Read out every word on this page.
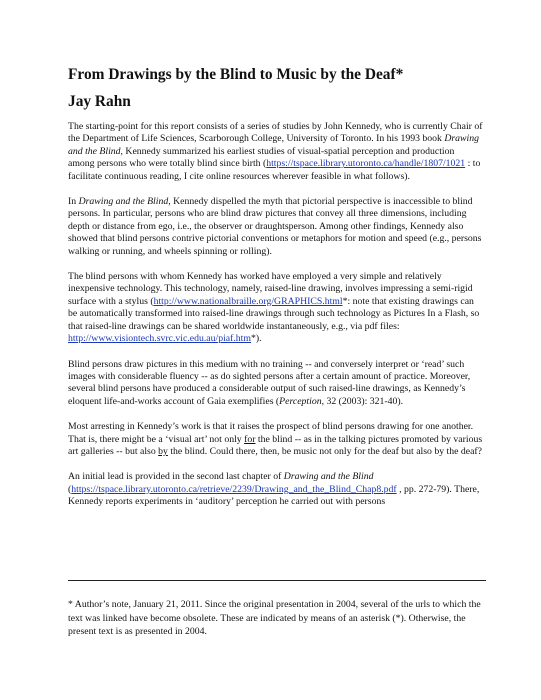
From Drawings by the Blind to Music by the Deaf*
Jay Rahn

The starting-point for this report consists of a series of studies by John Kennedy, who is currently Chair of the Department of Life Sciences, Scarborough College, University of Toronto. In his 1993 book Drawing and the Blind, Kennedy summarized his earliest studies of visual-spatial perception and production among persons who were totally blind since birth (https://tspace.library.utoronto.ca/handle/1807/1021 : to facilitate continuous reading, I cite online resources wherever feasible in what follows).

In Drawing and the Blind, Kennedy dispelled the myth that pictorial perspective is inaccessible to blind persons. In particular, persons who are blind draw pictures that convey all three dimensions, including depth or distance from ego, i.e., the observer or draughtsperson. Among other findings, Kennedy also showed that blind persons contrive pictorial conventions or metaphors for motion and speed (e.g., persons walking or running, and wheels spinning or rolling).

The blind persons with whom Kennedy has worked have employed a very simple and relatively inexpensive technology. This technology, namely, raised-line drawing, involves impressing a semi-rigid surface with a stylus (http://www.nationalbraille.org/GRAPHICS.html*: note that existing drawings can be automatically transformed into raised-line drawings through such technology as Pictures In a Flash, so that raised-line drawings can be shared worldwide instantaneously, e.g., via pdf files: http://www.visiontech.svrc.vic.edu.au/piaf.htm*).

Blind persons draw pictures in this medium with no training -- and conversely interpret or ‘read’ such images with considerable fluency -- as do sighted persons after a certain amount of practice. Moreover, several blind persons have produced a considerable output of such raised-line drawings, as Kennedy’s eloquent life-and-works account of Gaia exemplifies (Perception, 32 (2003): 321-40).

Most arresting in Kennedy’s work is that it raises the prospect of blind persons drawing for one another. That is, there might be a ‘visual art’ not only for the blind -- as in the talking pictures promoted by various art galleries -- but also by the blind. Could there, then, be music not only for the deaf but also by the deaf?

An initial lead is provided in the second last chapter of Drawing and the Blind (https://tspace.library.utoronto.ca/retrieve/2239/Drawing_and_the_Blind_Chap8.pdf , pp. 272-79). There, Kennedy reports experiments in ‘auditory’ perception he carried out with persons

* Author’s note, January 21, 2011. Since the original presentation in 2004, several of the urls to which the text was linked have become obsolete. These are indicated by means of an asterisk (*). Otherwise, the present text is as presented in 2004.
